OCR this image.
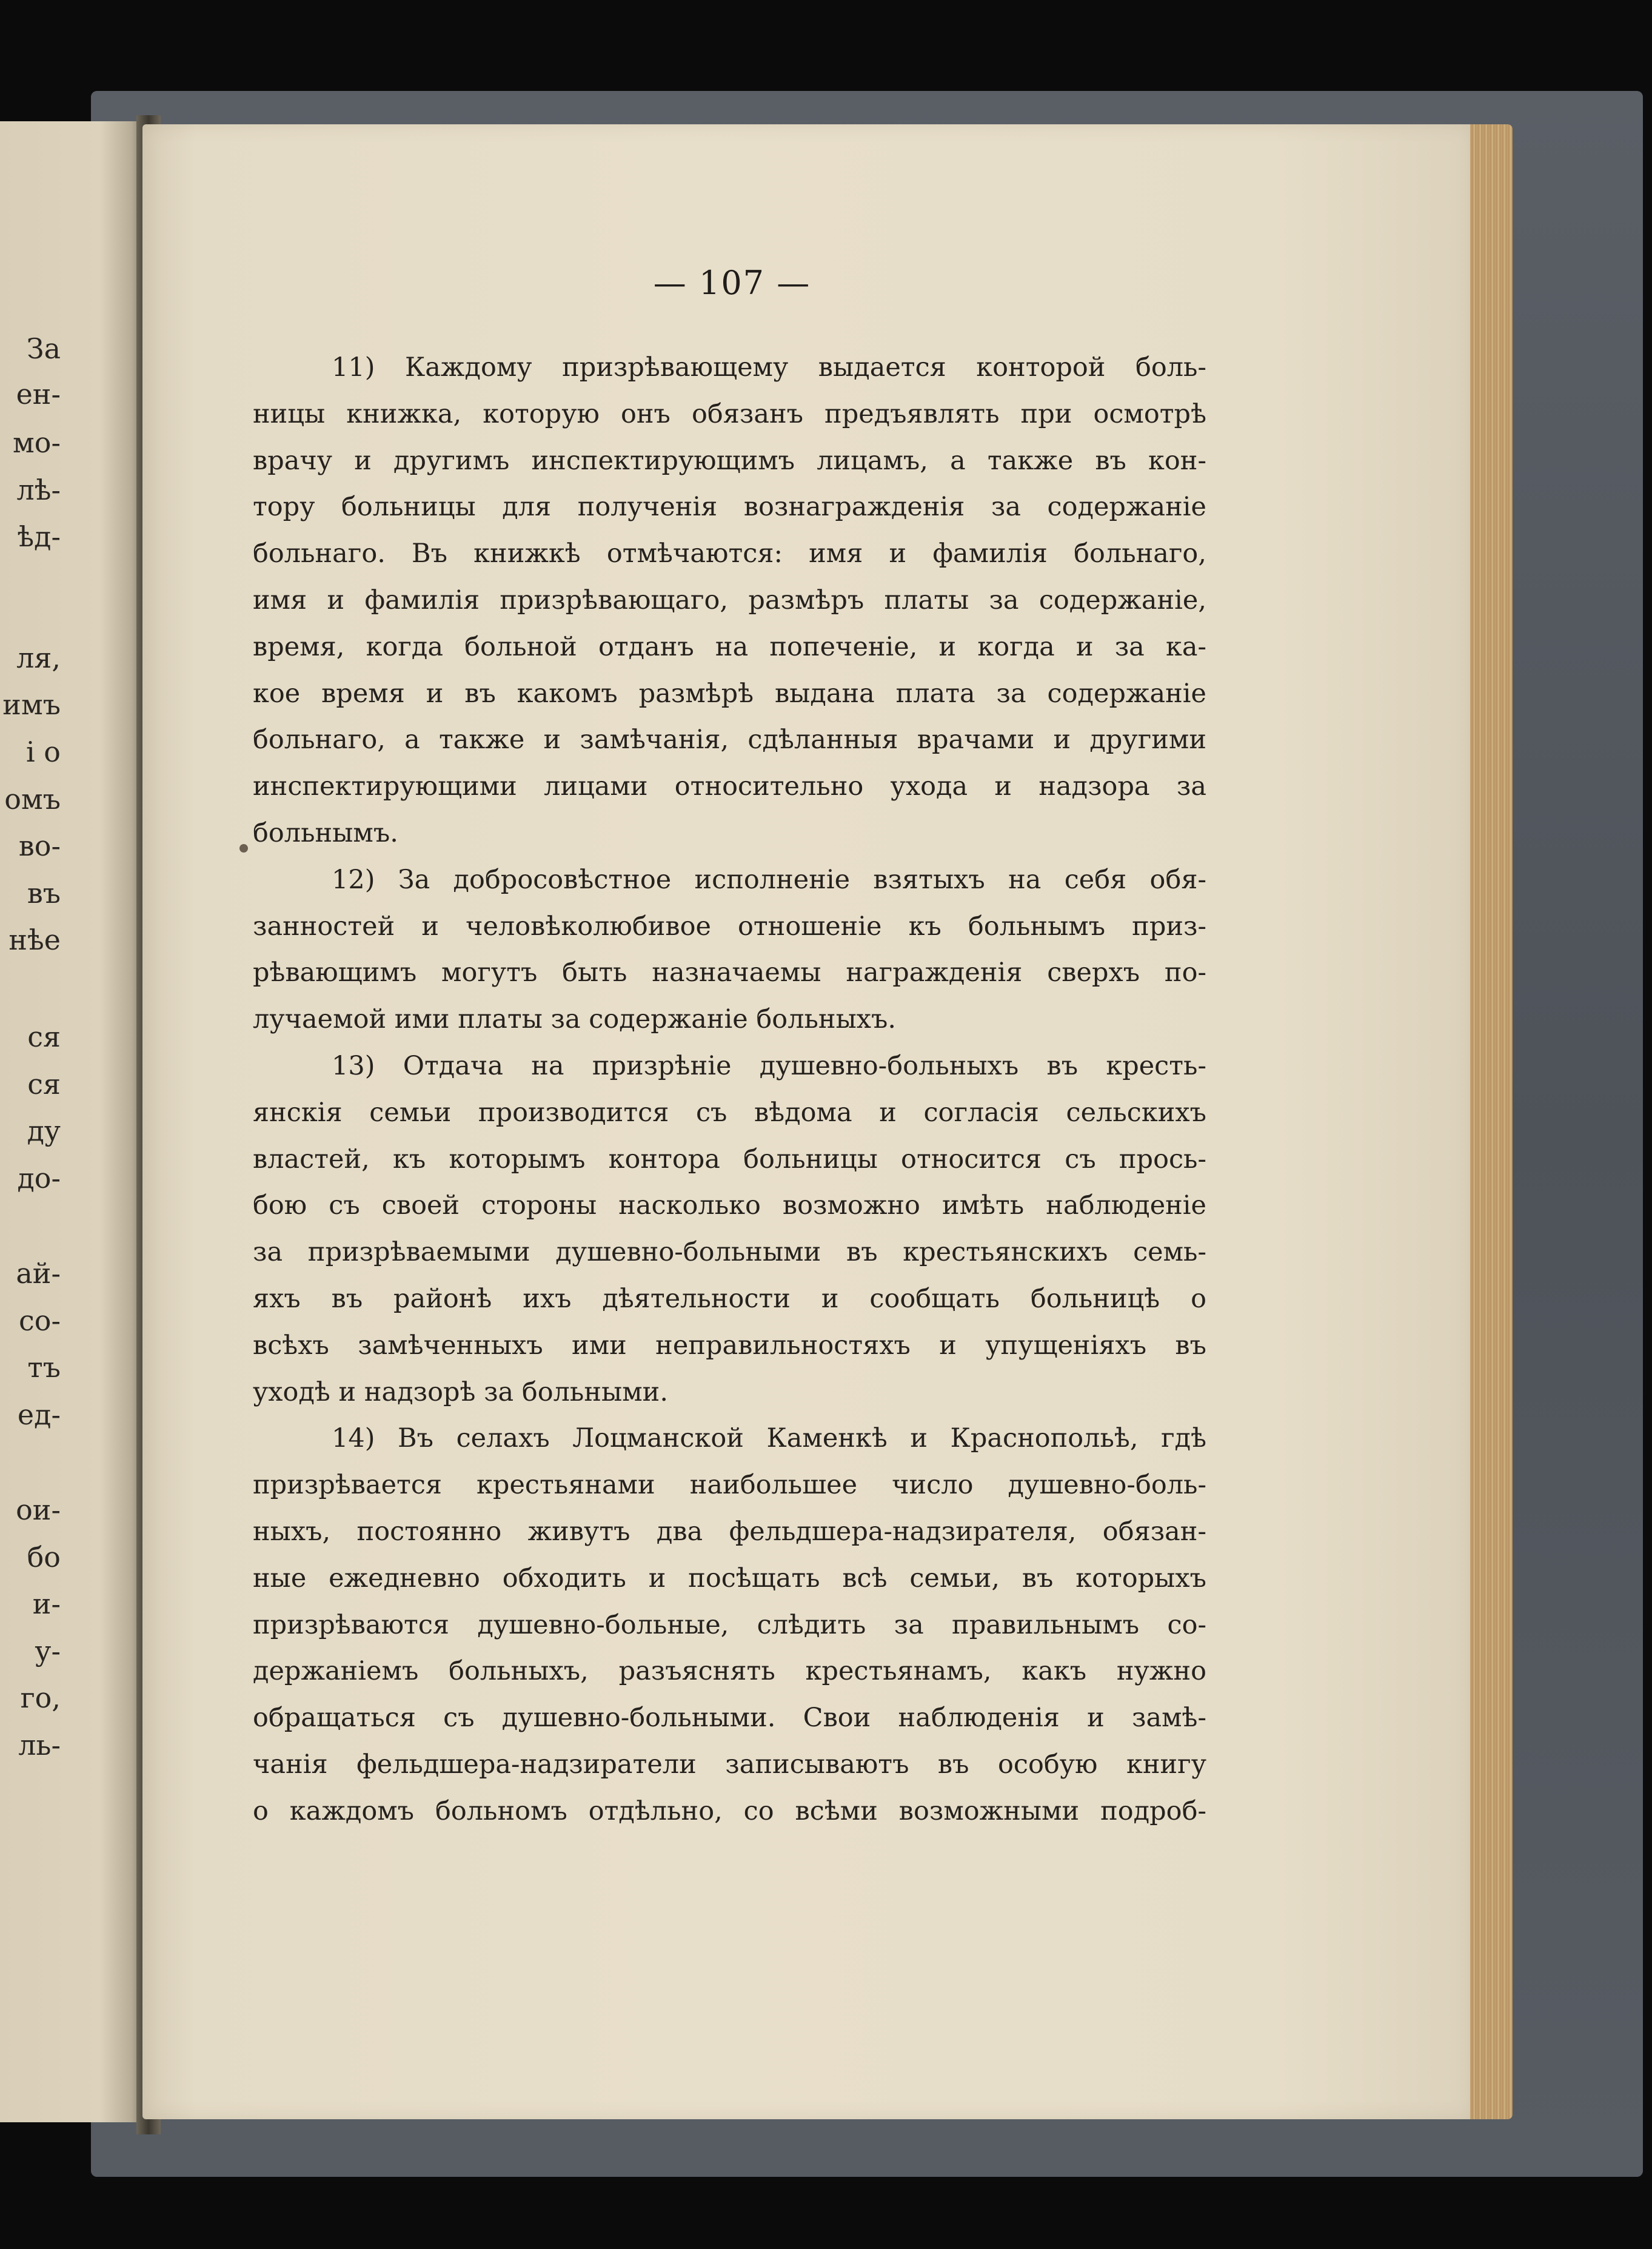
За
ен-
мо-
лѣ-
ѣд-
ля,
имъ
і о
омъ
во-
въ
нѣе
ся
ся
ду
до-
ай-
со-
тъ
ед-
ои-
бо
и-
у-
го,
ль-
— 107 —
11) Каждому призрѣвающему выдается конторой боль-
ницы книжка, которую онъ обязанъ предъявлять при осмотрѣ
врачу и другимъ инспектирующимъ лицамъ, а также въ кон-
тору больницы для полученія вознагражденія за содержаніе
больнаго. Въ книжкѣ отмѣчаются: имя и фамилія больнаго,
имя и фамилія призрѣвающаго, размѣръ платы за содержаніе,
время, когда больной отданъ на попеченіе, и когда и за ка-
кое время и въ какомъ размѣрѣ выдана плата за содержаніе
больнаго, а также и замѣчанія, сдѣланныя врачами и другими
инспектирующими лицами относительно ухода и надзора за
больнымъ.
12) За добросовѣстное исполненіе взятыхъ на себя обя-
занностей и человѣколюбивое отношеніе къ больнымъ приз-
рѣвающимъ могутъ быть назначаемы награжденія сверхъ по-
лучаемой ими платы за содержаніе больныхъ.
13) Отдача на призрѣніе душевно-больныхъ въ кресть-
янскія семьи производится съ вѣдома и согласія сельскихъ
властей, къ которымъ контора больницы относится съ прось-
бою съ своей стороны насколько возможно имѣть наблюденіе
за призрѣваемыми душевно-больными въ крестьянскихъ семь-
яхъ въ районѣ ихъ дѣятельности и сообщать больницѣ о
всѣхъ замѣченныхъ ими неправильностяхъ и упущеніяхъ въ
уходѣ и надзорѣ за больными.
14) Въ селахъ Лоцманской Каменкѣ и Краснопольѣ, гдѣ
призрѣвается крестьянами наибольшее число душевно-боль-
ныхъ, постоянно живутъ два фельдшера-надзирателя, обязан-
ные ежедневно обходить и посѣщать всѣ семьи, въ которыхъ
призрѣваются душевно-больные, слѣдить за правильнымъ со-
держаніемъ больныхъ, разъяснять крестьянамъ, какъ нужно
обращаться съ душевно-больными. Свои наблюденія и замѣ-
чанія фельдшера-надзиратели записываютъ въ особую книгу
о каждомъ больномъ отдѣльно, со всѣми возможными подроб-
